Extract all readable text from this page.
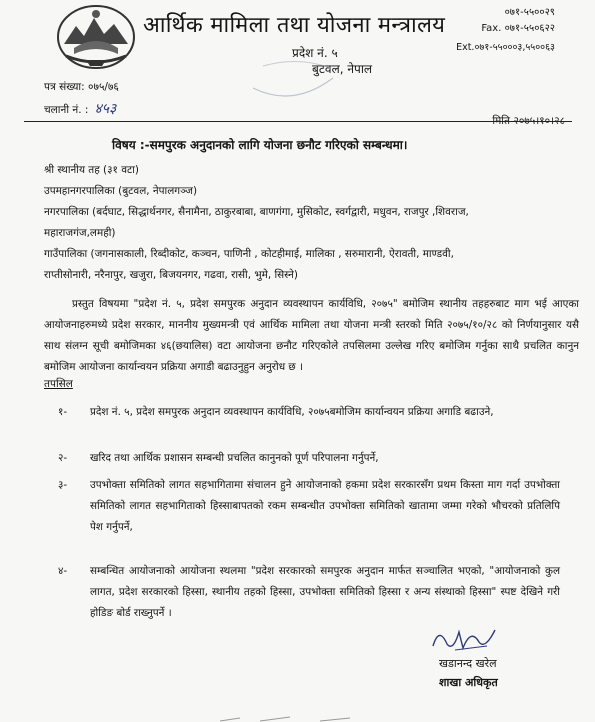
आर्थिक मामिला तथा योजना मन्त्रालय
प्रदेश नं. ५
बुटवल, नेपाल
०७१-५५००२९
Fax. ०७१-५५०६२२
Ext.०७१-५५०००३,५५००६३
पत्र संख्या: ०७५/७६
चलानी नं. : ४५३
मिति २०७५।१०।२८
विषय :-समपुरक अनुदानको लागि योजना छनौट गरिएको सम्बन्धमा।
श्री स्थानीय तह (३१ वटा)
उपमहानगरपालिका (बुटवल, नेपालगञ्ज)
नगरपालिका (बर्दघाट, सिद्धार्थनगर, सैनामैना, ठाकुरबाबा, बाणगंगा, मुसिकोट, स्वर्गद्वारी, मधुवन, राजपुर ,शिवराज,
महाराजगंज,लमही)
गाउँपालिका (जगनासकाली, रिब्दीकोट, कञ्चन, पाणिनी , कोटहीमाई, मालिका , सरुमारानी, ऐरावती, माण्डवी,
राप्तीसोनारी, नरैनापुर, खजुरा, बिजयनगर, गढवा, रासी, भुमे, सिस्ने)
प्रस्तुत विषयमा "प्रदेश नं. ५, प्रदेश समपुरक अनुदान व्यवस्थापन कार्यविधि, २०७५" बमोजिम स्थानीय तहहरुबाट माग भई आएका आयोजनाहरुमध्ये प्रदेश सरकार, माननीय मुख्यमन्त्री एवं आर्थिक मामिला तथा योजना मन्त्री स्तरको मिति २०७५/१०/२८ को निर्णयानुसार यसै साथ संलग्न सूची बमोजिमका ४६(छयालिस) वटा आयोजना छनौट गरिएकोले तपसिलमा उल्लेख गरिए बमोजिम गर्नुका साथै प्रचलित कानुन बमोजिम आयोजना कार्यान्वयन प्रक्रिया अगाडी बढाउनुहुन अनुरोध छ ।
तपसिल
१- प्रदेश नं. ५, प्रदेश समपुरक अनुदान व्यवस्थापन कार्यविधि, २०७५बमोजिम कार्यान्वयन प्रक्रिया अगाडि बढाउने,
२- खरिद तथा आर्थिक प्रशासन सम्बन्धी प्रचलित कानुनको पूर्ण परिपालना गर्नुपर्ने,
३- उपभोक्ता समितिको लागत सहभागितामा संचालन हुने आयोजनाको हकमा प्रदेश सरकारसँग प्रथम किस्ता माग गर्दा उपभोक्ता समितिको लागत सहभागिताको हिस्साबापतको रकम सम्बन्धीत उपभोक्ता समितिको खातामा जम्मा गरेको भौचरको प्रतिलिपि पेश गर्नुपर्ने,
४- सम्बन्धित आयोजनाको आयोजना स्थलमा "प्रदेश सरकारको समपुरक अनुदान मार्फत सञ्चालित भएको, "आयोजनाको कुल लागत, प्रदेश सरकारको हिस्सा, स्थानीय तहको हिस्सा, उपभोक्ता समितिको हिस्सा र अन्य संस्थाको हिस्सा" स्पष्ट देखिने गरी होडिङ बोर्ड राख्नुपर्ने ।
खडानन्द खरेल
शाखा अधिकृत
